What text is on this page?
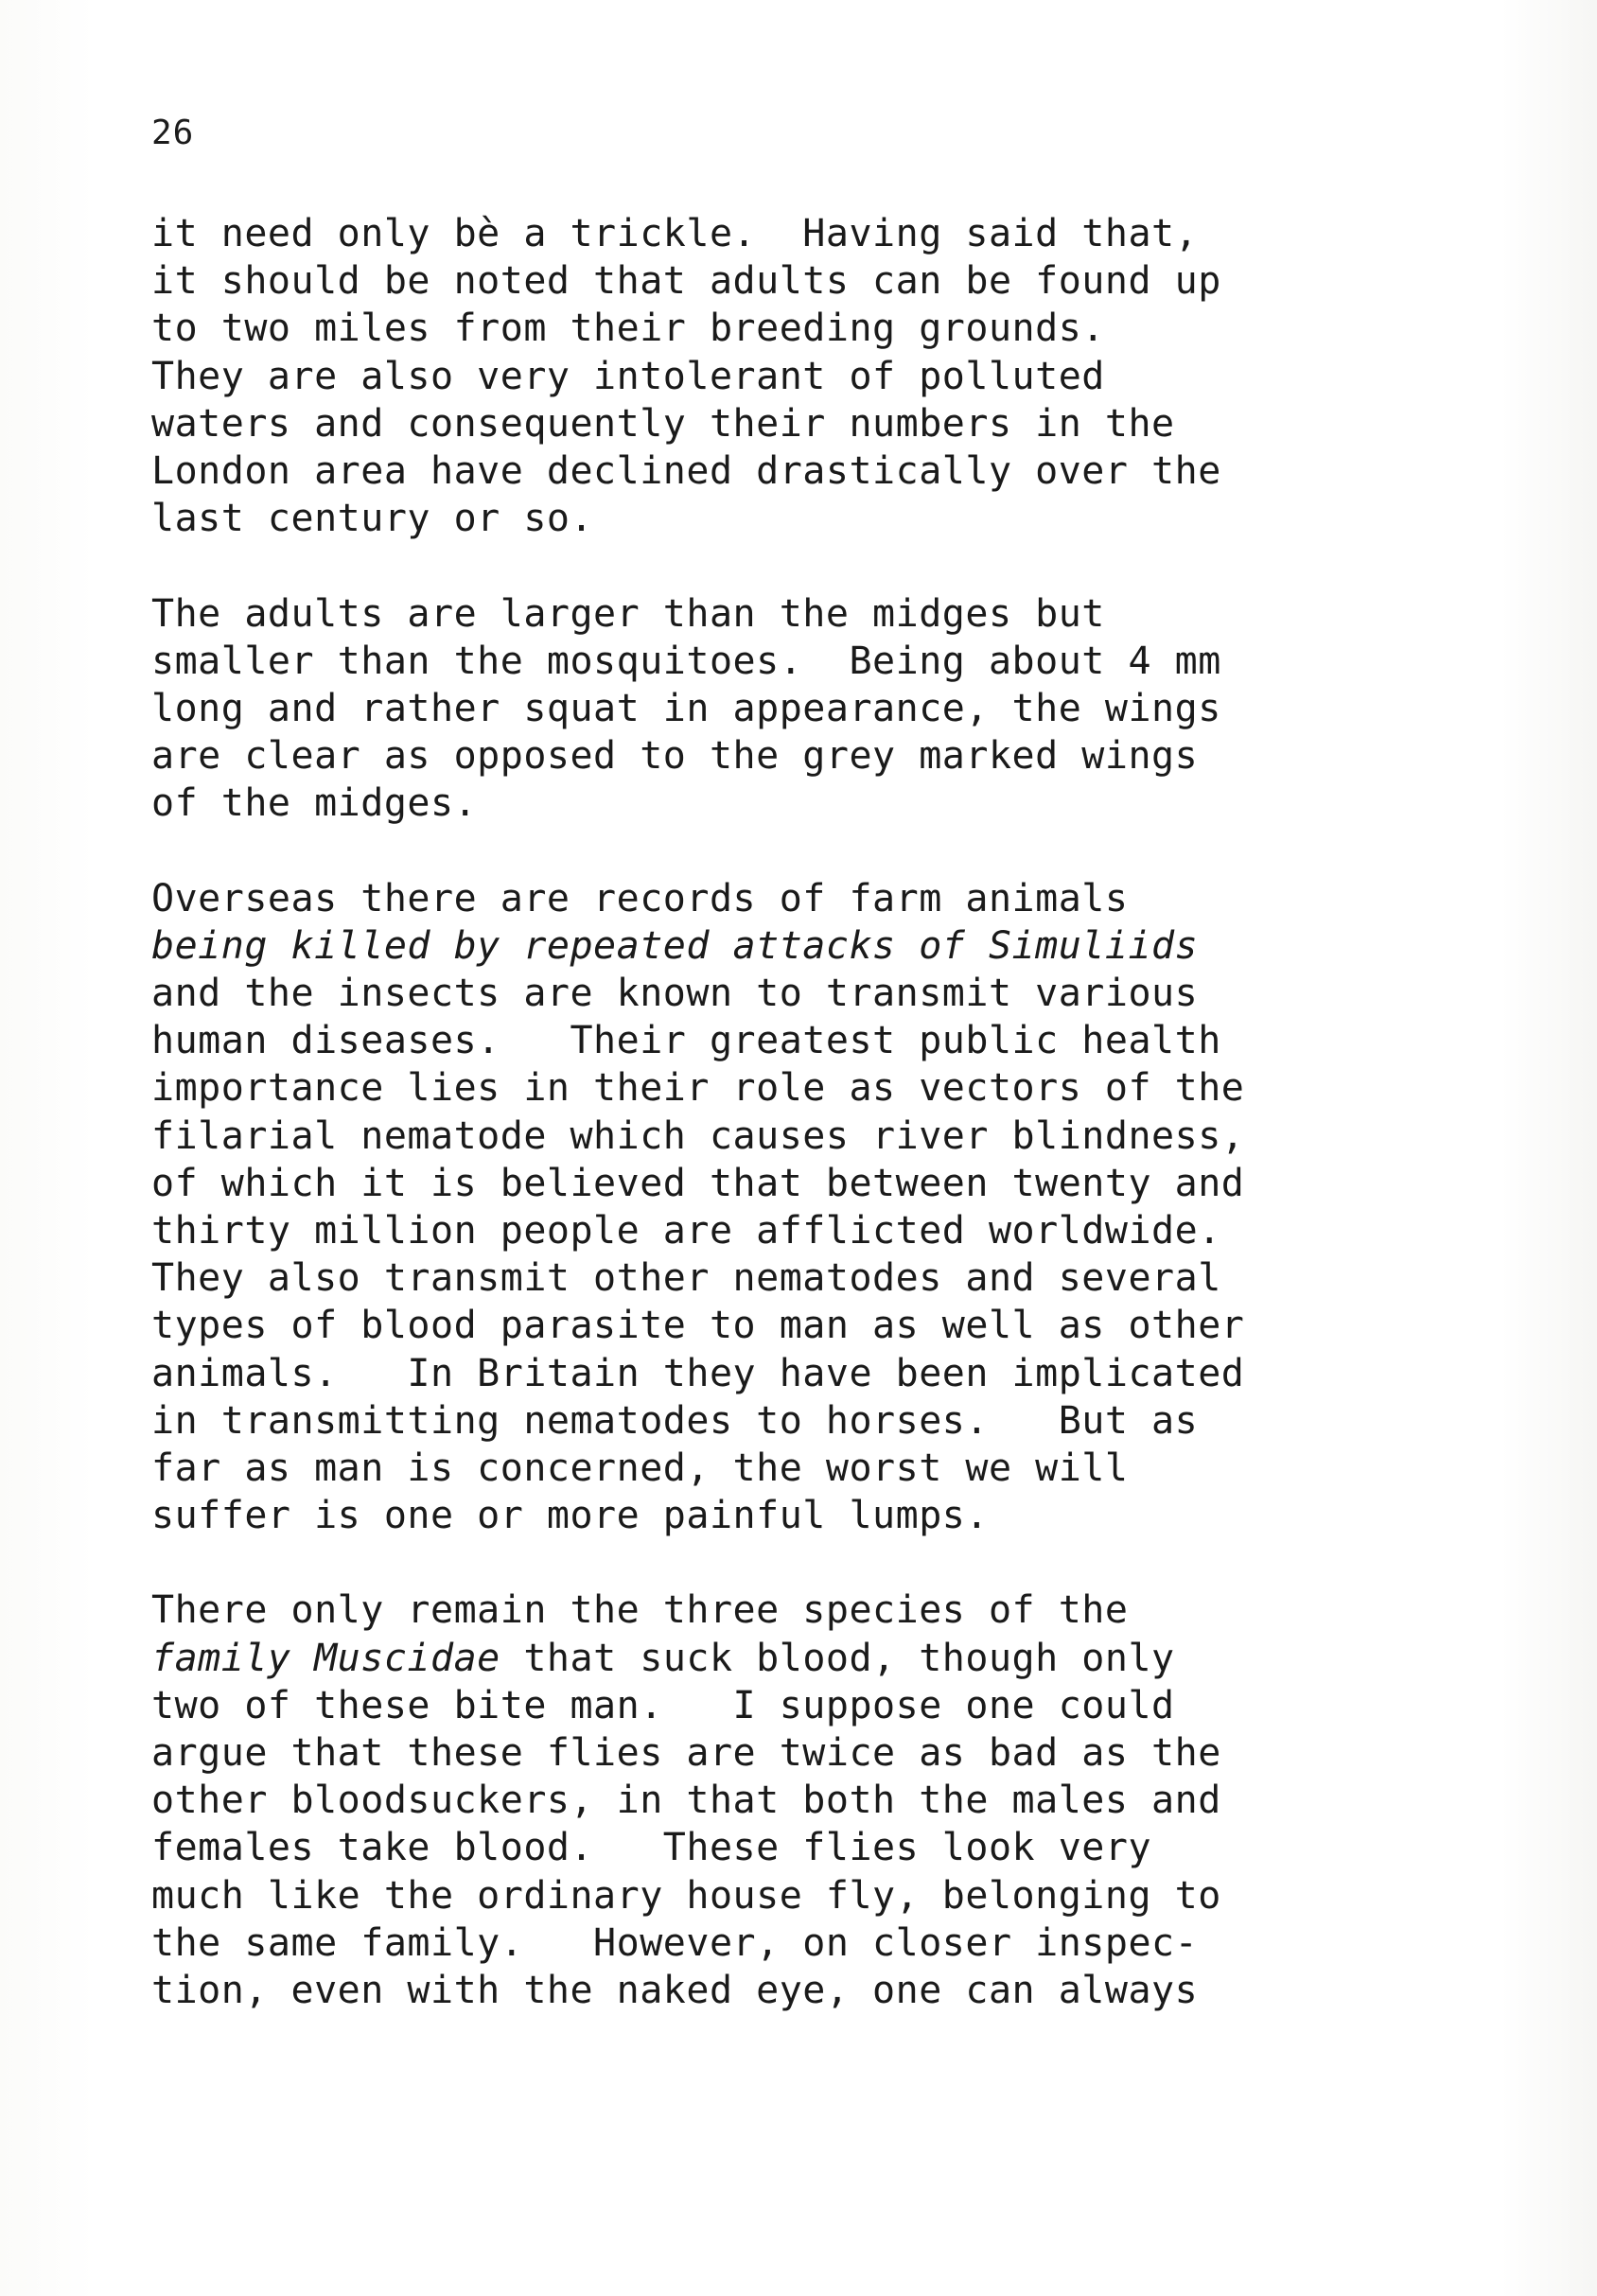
26

it need only bè a trickle.  Having said that,
it should be noted that adults can be found up
to two miles from their breeding grounds.
They are also very intolerant of polluted
waters and consequently their numbers in the
London area have declined drastically over the
last century or so.

The adults are larger than the midges but
smaller than the mosquitoes.  Being about 4 mm
long and rather squat in appearance, the wings
are clear as opposed to the grey marked wings
of the midges.

Overseas there are records of farm animals
being killed by repeated attacks of Simuliids
and the insects are known to transmit various
human diseases.   Their greatest public health
importance lies in their role as vectors of the
filarial nematode which causes river blindness,
of which it is believed that between twenty and
thirty million people are afflicted worldwide.
They also transmit other nematodes and several
types of blood parasite to man as well as other
animals.   In Britain they have been implicated
in transmitting nematodes to horses.   But as
far as man is concerned, the worst we will
suffer is one or more painful lumps.

There only remain the three species of the
family Muscidae that suck blood, though only
two of these bite man.   I suppose one could
argue that these flies are twice as bad as the
other bloodsuckers, in that both the males and
females take blood.   These flies look very
much like the ordinary house fly, belonging to
the same family.   However, on closer inspec-
tion, even with the naked eye, one can always
